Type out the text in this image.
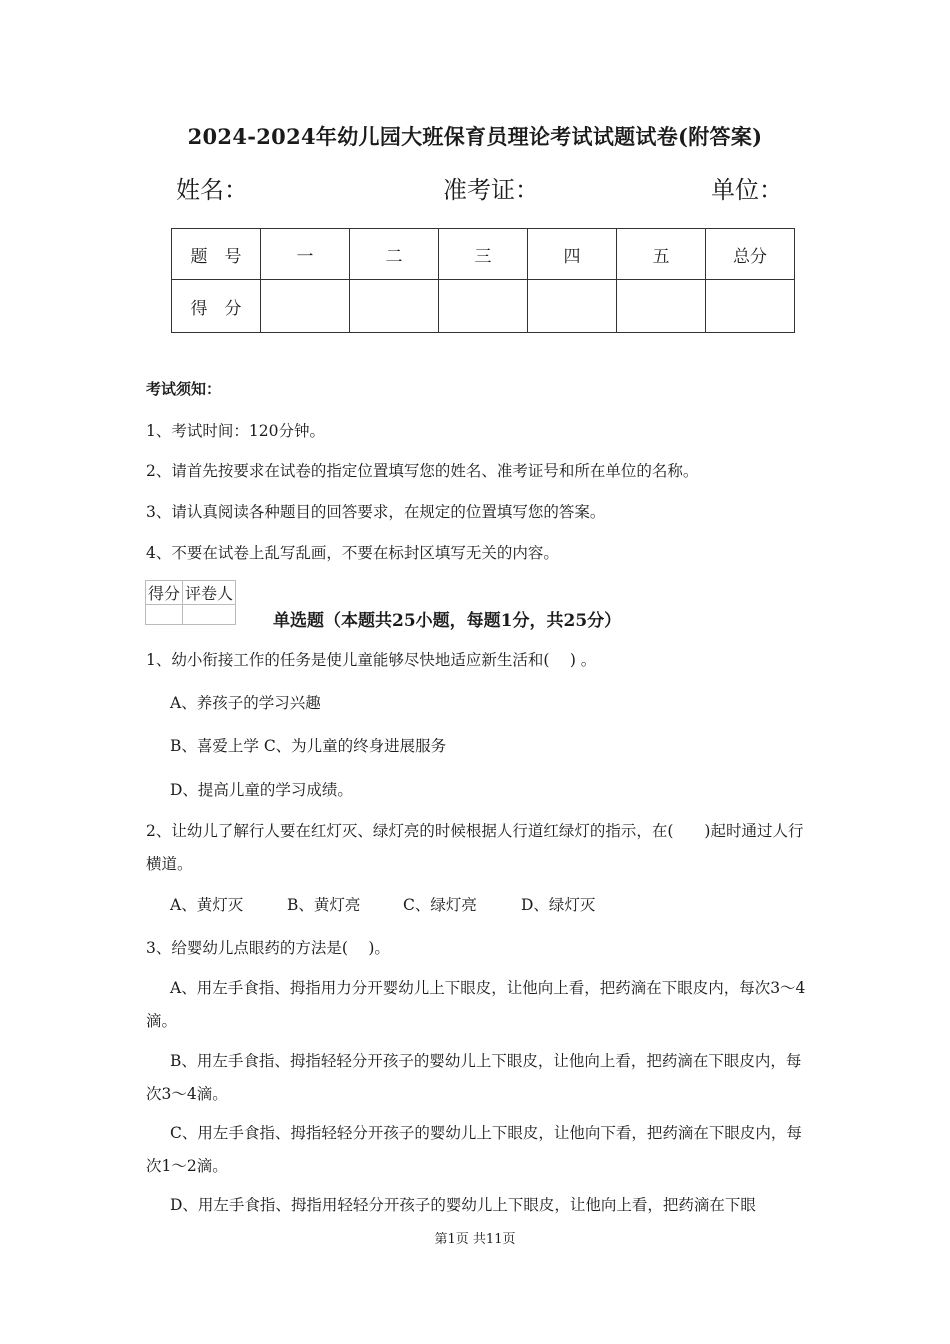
2024-2024年幼儿园大班保育员理论考试试题试卷(附答案)
姓名：	准考证：	单位：
题　号	一	二	三	四	五	总分
得　分						
考试须知：
1、考试时间：120分钟。
2、请首先按要求在试卷的指定位置填写您的姓名、准考证号和所在单位的名称。
3、请认真阅读各种题目的回答要求，在规定的位置填写您的答案。
4、不要在试卷上乱写乱画，不要在标封区填写无关的内容。
得分	评卷人

单选题（本题共25小题，每题1分，共25分）
1、幼小衔接工作的任务是使儿童能够尽快地适应新生活和(　 ) 。
A、养孩子的学习兴趣
B、喜爱上学 C、为儿童的终身进展服务
D、提高儿童的学习成绩。
2、让幼儿了解行人要在红灯灭、绿灯亮的时候根据人行道红绿灯的指示，在(　　)起时通过人行横道。
A、黄灯灭	B、黄灯亮	C、绿灯亮	D、绿灯灭
3、给婴幼儿点眼药的方法是(　 )。
A、用左手食指、拇指用力分开婴幼儿上下眼皮，让他向上看，把药滴在下眼皮内，每次3～4滴。
B、用左手食指、拇指轻轻分开孩子的婴幼儿上下眼皮，让他向上看，把药滴在下眼皮内，每次3～4滴。
C、用左手食指、拇指轻轻分开孩子的婴幼儿上下眼皮，让他向下看，把药滴在下眼皮内，每次1～2滴。
D、用左手食指、拇指用轻轻分开孩子的婴幼儿上下眼皮，让他向上看，把药滴在下眼
第1页 共11页
